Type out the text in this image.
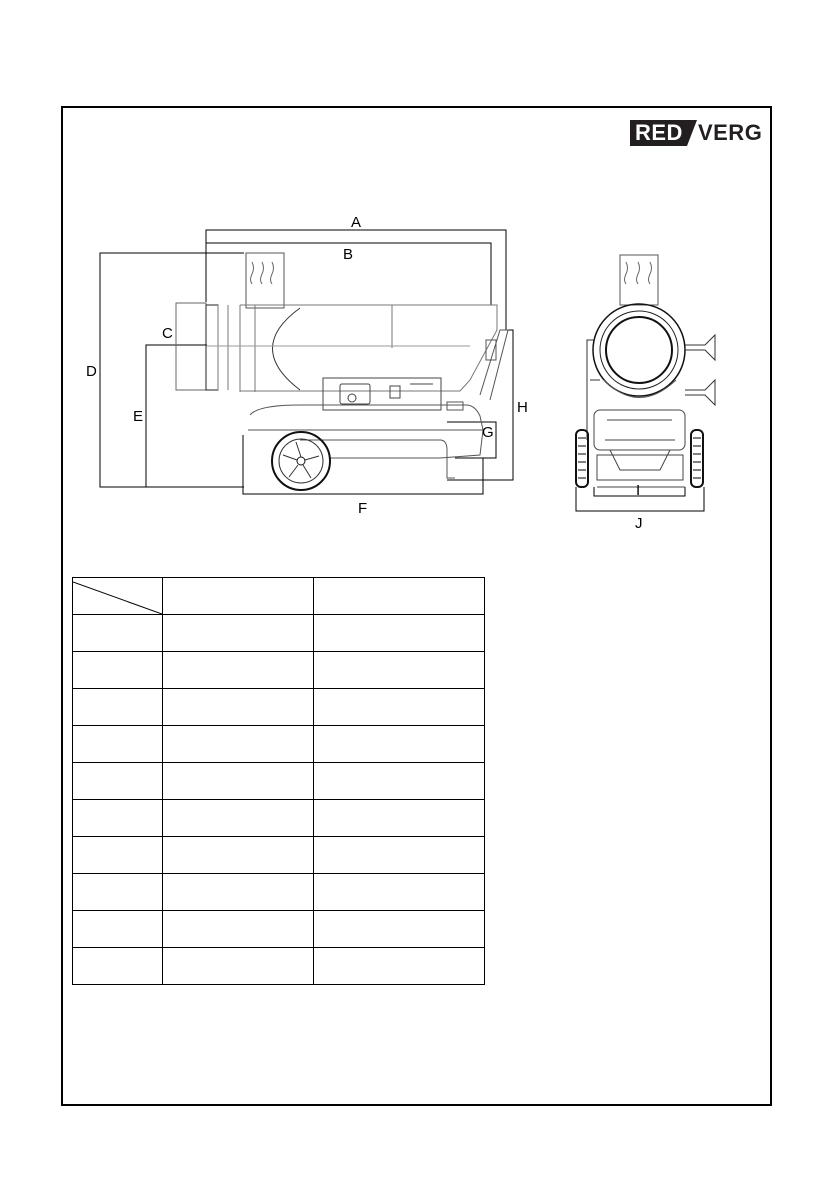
RED VERG
A
B
C
D
E
F
G
H
I
J
